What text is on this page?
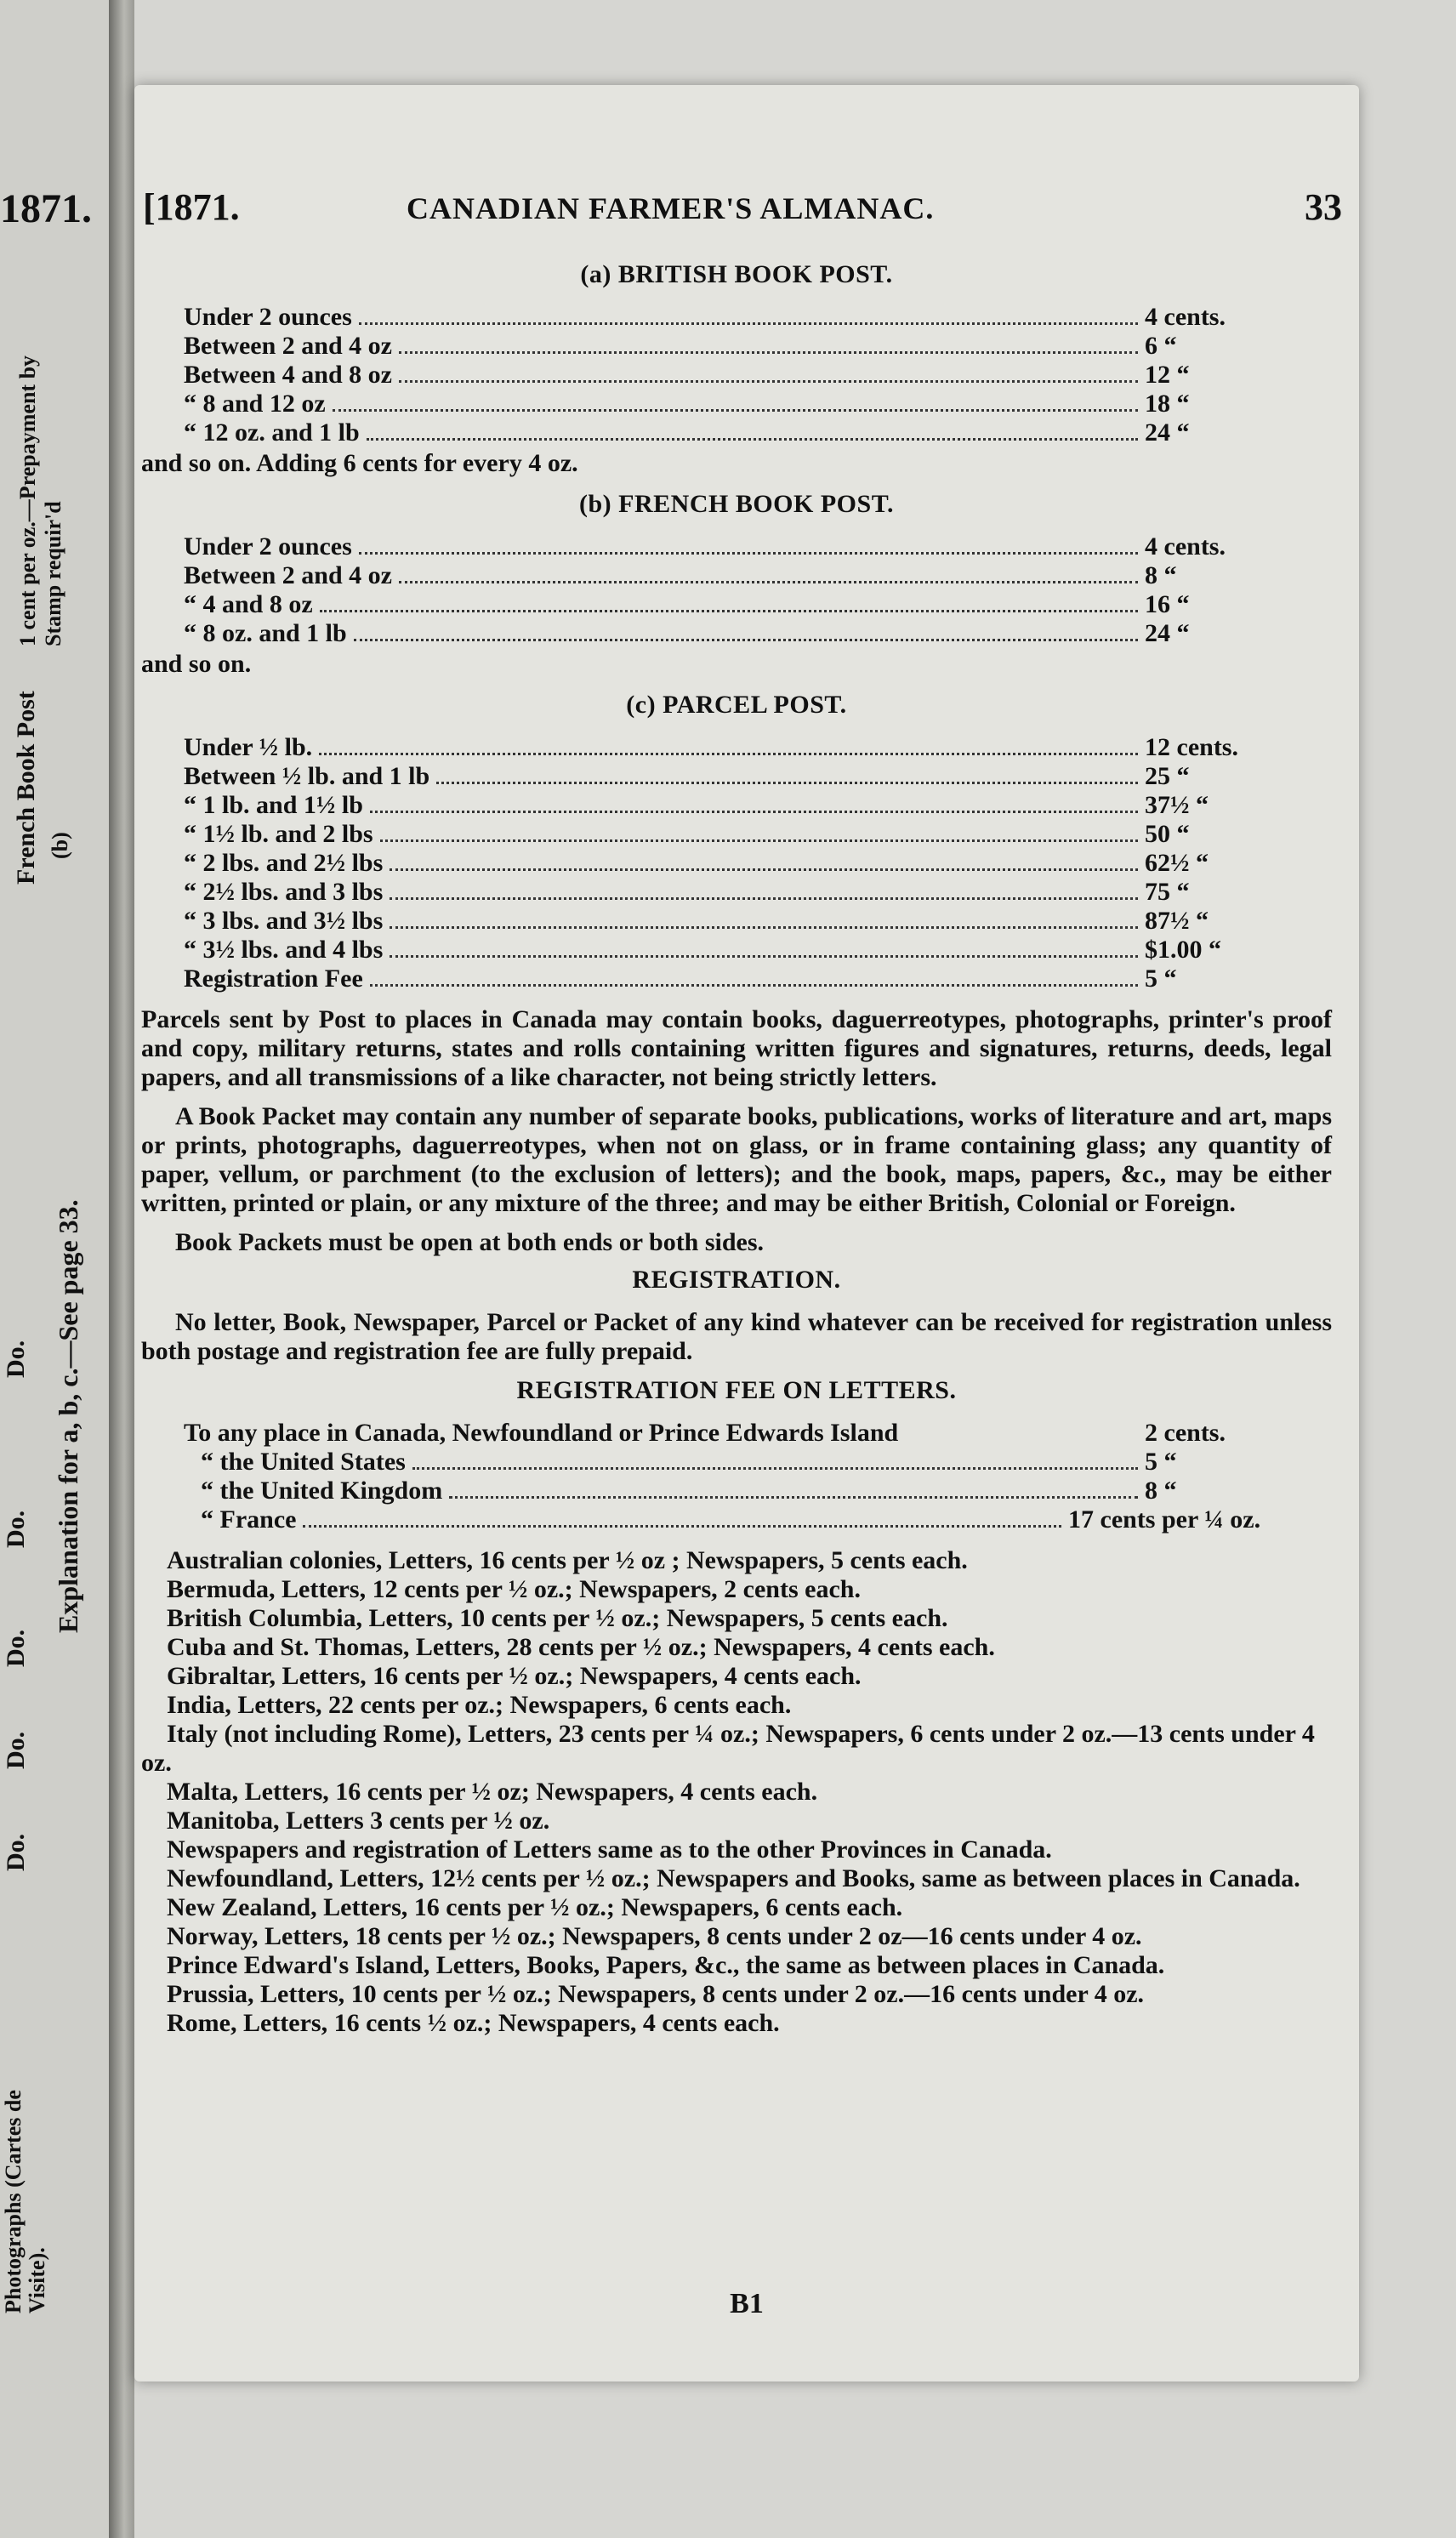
1871.
French Book Post
1 cent per oz.—Prepayment by Stamp requir'd
(b)
Explanation for a, b, c.—See page 33.
Do.
Do.
Do.
Do.
Do.
Photographs (Cartes de Visite).
[1871.	CANADIAN FARMER'S ALMANAC.	33
(a) BRITISH BOOK POST.
Under 2 ounces	4 cents.
Between 2 and 4 oz	6 “
Between 4 and 8 oz	12 “
“ 8 and 12 oz	18 “
“ 12 oz. and 1 lb	24 “
and so on. Adding 6 cents for every 4 oz.
(b) FRENCH BOOK POST.
Under 2 ounces	4 cents.
Between 2 and 4 oz	8 “
“ 4 and 8 oz	16 “
“ 8 oz. and 1 lb	24 “
and so on.
(c) PARCEL POST.
Under ½ lb.	12 cents.
Between ½ lb. and 1 lb	25 “
“ 1 lb. and 1½ lb	37½ “
“ 1½ lb. and 2 lbs	50 “
“ 2 lbs. and 2½ lbs	62½ “
“ 2½ lbs. and 3 lbs	75 “
“ 3 lbs. and 3½ lbs	87½ “
“ 3½ lbs. and 4 lbs	$1.00 “
Registration Fee	5 “

Parcels sent by Post to places in Canada may contain books, daguerreotypes, photographs, printer's proof and copy, military returns, states and rolls containing written figures and signatures, returns, deeds, legal papers, and all transmissions of a like character, not being strictly letters.

A Book Packet may contain any number of separate books, publications, works of literature and art, maps or prints, photographs, daguerreotypes, when not on glass, or in frame containing glass; any quantity of paper, vellum, or parchment (to the exclusion of letters); and the book, maps, papers, &c., may be either written, printed or plain, or any mixture of the three; and may be either British, Colonial or Foreign.

Book Packets must be open at both ends or both sides.

REGISTRATION.

No letter, Book, Newspaper, Parcel or Packet of any kind whatever can be received for registration unless both postage and registration fee are fully prepaid.

REGISTRATION FEE ON LETTERS.
To any place in Canada, Newfoundland or Prince Edwards Island	2 cents.
“ the United States	5 “
“ the United Kingdom	8 “
“ France	17 cents per ¼ oz.
Australian colonies, Letters, 16 cents per ½ oz ; Newspapers, 5 cents each.
Bermuda, Letters, 12 cents per ½ oz.; Newspapers, 2 cents each.
British Columbia, Letters, 10 cents per ½ oz.; Newspapers, 5 cents each.
Cuba and St. Thomas, Letters, 28 cents per ½ oz.; Newspapers, 4 cents each.
Gibraltar, Letters, 16 cents per ½ oz.; Newspapers, 4 cents each.
India, Letters, 22 cents per oz.; Newspapers, 6 cents each.
Italy (not including Rome), Letters, 23 cents per ¼ oz.; Newspapers, 6 cents under 2 oz.—13 cents under 4 oz.
Malta, Letters, 16 cents per ½ oz; Newspapers, 4 cents each.
Manitoba, Letters 3 cents per ½ oz.
Newspapers and registration of Letters same as to the other Provinces in Canada.
Newfoundland, Letters, 12½ cents per ½ oz.; Newspapers and Books, same as between places in Canada.
New Zealand, Letters, 16 cents per ½ oz.; Newspapers, 6 cents each.
Norway, Letters, 18 cents per ½ oz.; Newspapers, 8 cents under 2 oz—16 cents under 4 oz.
Prince Edward's Island, Letters, Books, Papers, &c., the same as between places in Canada.
Prussia, Letters, 10 cents per ½ oz.; Newspapers, 8 cents under 2 oz.—16 cents under 4 oz.
Rome, Letters, 16 cents ½ oz.; Newspapers, 4 cents each.
B1
